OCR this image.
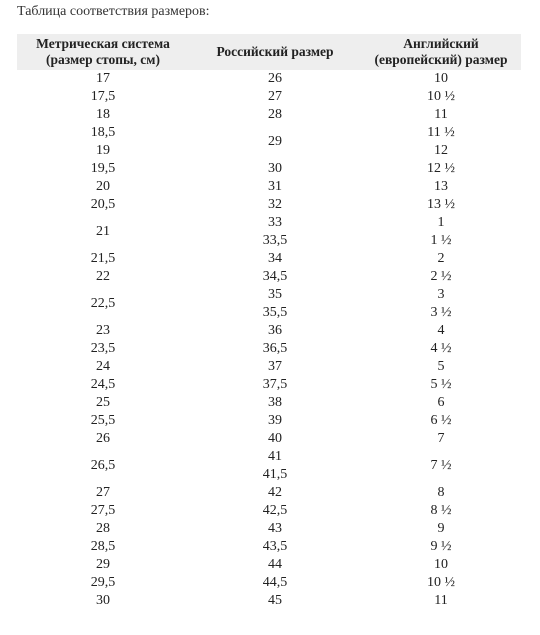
Таблица соответствия размеров:
Метрическая система (размер стопы, см)	Российский размер	Английский (европейский) размер
17	26	10
17,5	27	10 ½
18	28	11
18,5	29	11 ½
19		12
19,5	30	12 ½
20	31	13
20,5	32	13 ½
21	33	1
	33,5	1 ½
21,5	34	2
22	34,5	2 ½
22,5	35	3
	35,5	3 ½
23	36	4
23,5	36,5	4 ½
24	37	5
24,5	37,5	5 ½
25	38	6
25,5	39	6 ½
26	40	7
26,5	41	7 ½
	41,5	
27	42	8
27,5	42,5	8 ½
28	43	9
28,5	43,5	9 ½
29	44	10
29,5	44,5	10 ½
30	45	11
